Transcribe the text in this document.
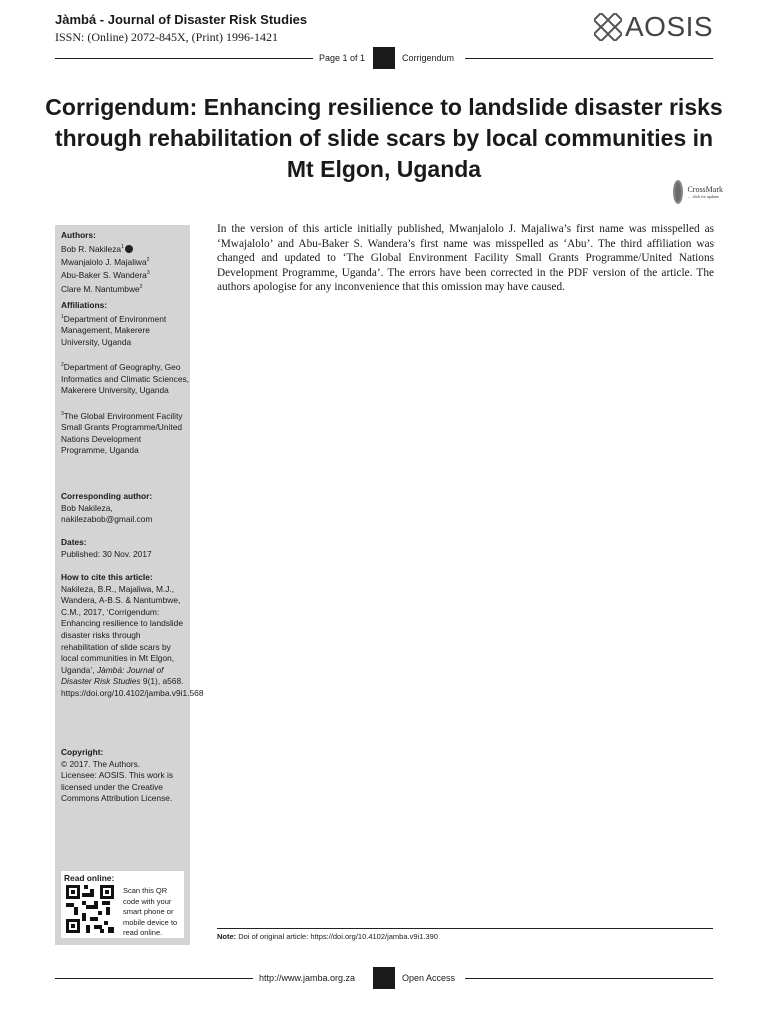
Jàmbá - Journal of Disaster Risk Studies
ISSN: (Online) 2072-845X, (Print) 1996-1421	AOSIS
Page 1 of 1	Corrigendum
Corrigendum: Enhancing resilience to landslide disaster risks through rehabilitation of slide scars by local communities in Mt Elgon, Uganda
CrossMark
← click for updates
Authors:
Bob R. Nakileza$^1$
Mwanjalolo J. Majaliwa$^2$
Abu-Baker S. Wandera$^3$
Clare M. Nantumbwe$^2$
Affiliations:
$^1$Department of Environment Management, Makerere University, Uganda
$^2$Department of Geography, Geo Informatics and Climatic Sciences, Makerere University, Uganda
$^3$The Global Environment Facility Small Grants Programme/United Nations Development Programme, Uganda
Corresponding author:
Bob Nakileza,
nakilezabob@gmail.com
Dates:
Published: 30 Nov. 2017
How to cite this article:
Nakileza, B.R., Majaliwa, M.J., Wandera, A-B.S. & Nantumbwe, C.M., 2017, ‘Corrigendum: Enhancing resilience to landslide disaster risks through rehabilitation of slide scars by local communities in Mt Elgon, Uganda’, Jàmbá: Journal of Disaster Risk Studies 9(1), a568. https://doi.org/10.4102/jamba.v9i1.568
Copyright:
© 2017. The Authors. Licensee: AOSIS. This work is licensed under the Creative Commons Attribution License.
Read online:
Scan this QR code with your smart phone or mobile device to read online.
In the version of this article initially published, Mwanjalolo J. Majaliwa’s first name was misspelled as ‘Mwajalolo’ and Abu-Baker S. Wandera’s first name was misspelled as ‘Abu’. The third affiliation was changed and updated to ‘The Global Environment Facility Small Grants Programme/United Nations Development Programme, Uganda’. The errors have been corrected in the PDF version of the article. The authors apologise for any inconvenience that this omission may have caused.
Note: Doi of original article: https://doi.org/10.4102/jamba.v9i1.390
http://www.jamba.org.za	Open Access
